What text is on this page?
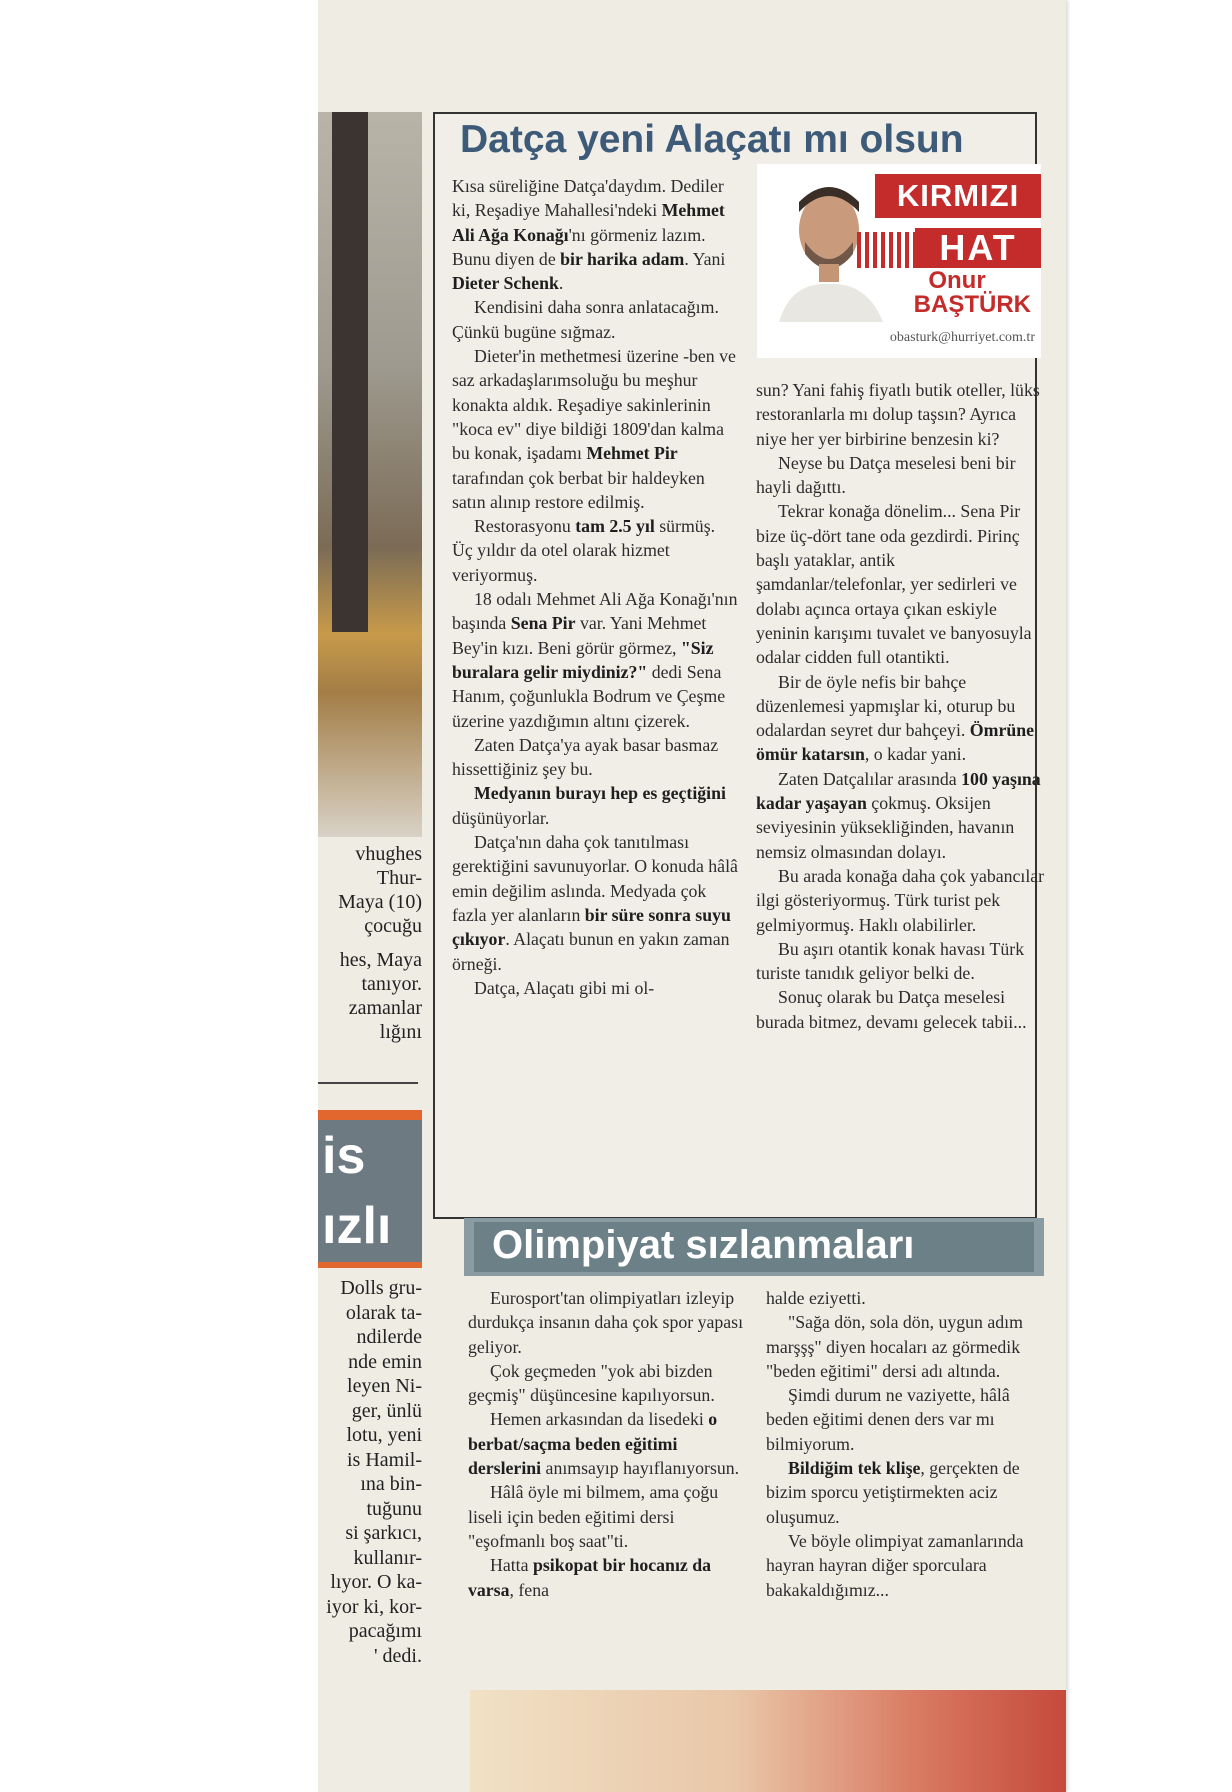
vhughes
Thur-
Maya (10)
çocuğu
hes, Maya
tanıyor.
zamanlar
lığını
is
ızlı
Dolls gru-
olarak ta-
ndilerde
nde emin
leyen Ni-
ger, ünlü
lotu, yeni
is Hamil-
ına bin-
tuğunu
si şarkıcı,
kullanır-
lıyor. O ka-
iyor ki, kor-
pacağımı
' dedi.
Datça yeni Alaçatı mı olsun
KIRMIZI
HAT
Onur
BAŞTÜRK
obasturk@hurriyet.com.tr

Kısa süreliğine Datça'daydım. Dediler ki, Reşadiye Mahallesi'ndeki Mehmet Ali Ağa Konağı'nı görmeniz lazım. Bunu diyen de bir harika adam. Yani Dieter Schenk.

Kendisini daha sonra anlatacağım. Çünkü bugüne sığmaz.

Dieter'in methetmesi üzerine -ben ve saz arkadaşlarımsoluğu bu meşhur konakta aldık. Reşadiye sakinlerinin "koca ev" diye bildiği 1809'dan kalma bu konak, işadamı Mehmet Pir tarafından çok berbat bir haldeyken satın alınıp restore edilmiş.

Restorasyonu tam 2.5 yıl sürmüş. Üç yıldır da otel olarak hizmet veriyormuş.

18 odalı Mehmet Ali Ağa Konağı'nın başında Sena Pir var. Yani Mehmet Bey'in kızı. Beni görür görmez, "Siz buralara gelir miydiniz?" dedi Sena Hanım, çoğunlukla Bodrum ve Çeşme üzerine yazdığımın altını çizerek.

Zaten Datça'ya ayak basar basmaz hissettiğiniz şey bu.

Medyanın burayı hep es geçtiğini düşünüyorlar.

Datça'nın daha çok tanıtılması gerektiğini savunuyorlar. O konuda hâlâ emin değilim aslında. Medyada çok fazla yer alanların bir süre sonra suyu çıkıyor. Alaçatı bunun en yakın zaman örneği.

Datça, Alaçatı gibi mi ol-

sun? Yani fahiş fiyatlı butik oteller, lüks restoranlarla mı dolup taşsın? Ayrıca niye her yer birbirine benzesin ki?

Neyse bu Datça meselesi beni bir hayli dağıttı.

Tekrar konağa dönelim... Sena Pir bize üç-dört tane oda gezdirdi. Pirinç başlı yataklar, antik şamdanlar/telefonlar, yer sedirleri ve dolabı açınca ortaya çıkan eskiyle yeninin karışımı tuvalet ve banyosuyla odalar cidden full otantikti.

Bir de öyle nefis bir bahçe düzenlemesi yapmışlar ki, oturup bu odalardan seyret dur bahçeyi. Ömrüne ömür katarsın, o kadar yani.

Zaten Datçalılar arasında 100 yaşına kadar yaşayan çokmuş. Oksijen seviyesinin yüksekliğinden, havanın nemsiz olmasından dolayı.

Bu arada konağa daha çok yabancılar ilgi gösteriyormuş. Türk turist pek gelmiyormuş. Haklı olabilirler.

Bu aşırı otantik konak havası Türk turiste tanıdık geliyor belki de.

Sonuç olarak bu Datça meselesi burada bitmez, devamı gelecek tabii...

Olimpiyat sızlanmaları

Eurosport'tan olimpiyatları izleyip durdukça insanın daha çok spor yapası geliyor.

Çok geçmeden "yok abi bizden geçmiş" düşüncesine kapılıyorsun.

Hemen arkasından da lisedeki o berbat/saçma beden eğitimi derslerini anımsayıp hayıflanıyorsun.

Hâlâ öyle mi bilmem, ama çoğu liseli için beden eğitimi dersi "eşofmanlı boş saat"ti.

Hatta psikopat bir hocanız da varsa, fena

halde eziyetti.

"Sağa dön, sola dön, uygun adım marşşş" diyen hocaları az görmedik "beden eğitimi" dersi adı altında.

Şimdi durum ne vaziyette, hâlâ beden eğitimi denen ders var mı bilmiyorum.

Bildiğim tek klişe, gerçekten de bizim sporcu yetiştirmekten aciz oluşumuz.

Ve böyle olimpiyat zamanlarında hayran hayran diğer sporculara bakakaldığımız...
